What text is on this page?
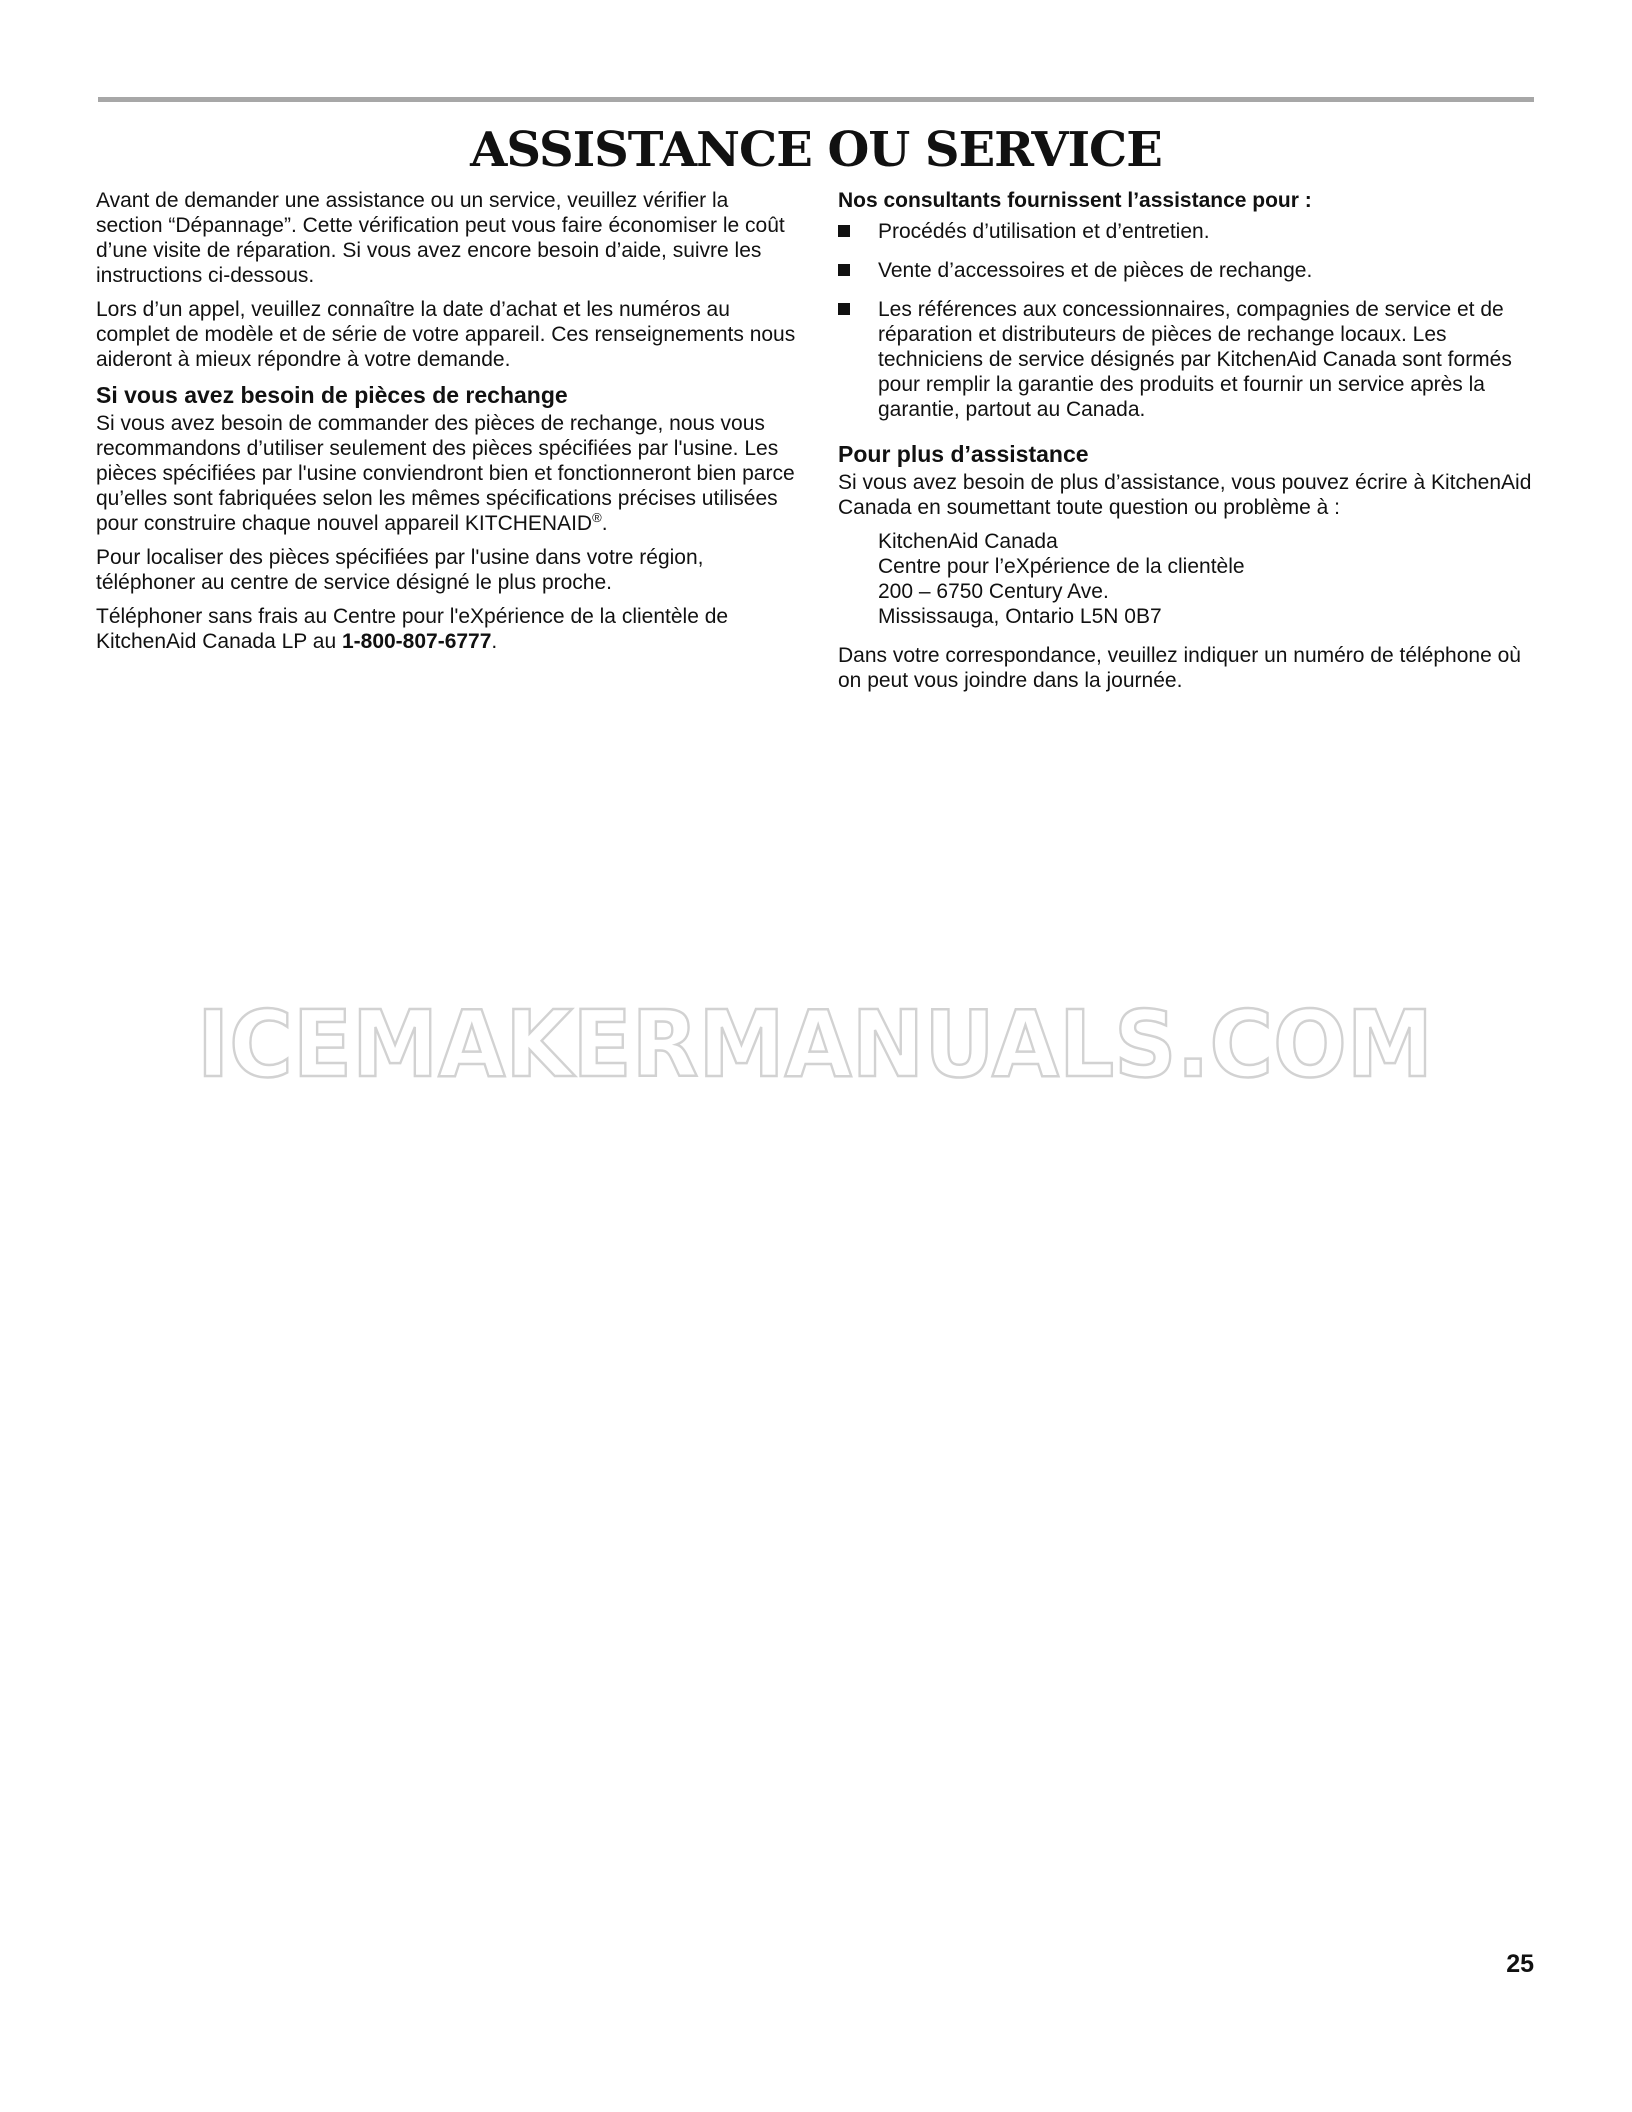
ASSISTANCE OU SERVICE

Avant de demander une assistance ou un service, veuillez vérifier la section “Dépannage”. Cette vérification peut vous faire économiser le coût d’une visite de réparation. Si vous avez encore besoin d’aide, suivre les instructions ci-dessous.

Lors d’un appel, veuillez connaître la date d’achat et les numéros au complet de modèle et de série de votre appareil. Ces renseignements nous aideront à mieux répondre à votre demande.

Si vous avez besoin de pièces de rechange

Si vous avez besoin de commander des pièces de rechange, nous vous recommandons d’utiliser seulement des pièces spécifiées par l'usine. Les pièces spécifiées par l'usine conviendront bien et fonctionneront bien parce qu’elles sont fabriquées selon les mêmes spécifications précises utilisées pour construire chaque nouvel appareil KITCHENAID®.

Pour localiser des pièces spécifiées par l'usine dans votre région, téléphoner au centre de service désigné le plus proche.

Téléphoner sans frais au Centre pour l'eXpérience de la clientèle de KitchenAid Canada LP au 1-800-807-6777.

Nos consultants fournissent l’assistance pour :
Procédés d’utilisation et d’entretien.
Vente d’accessoires et de pièces de rechange.
Les références aux concessionnaires, compagnies de service et de réparation et distributeurs de pièces de rechange locaux. Les techniciens de service désignés par KitchenAid Canada sont formés pour remplir la garantie des produits et fournir un service après la garantie, partout au Canada.
Pour plus d’assistance

Si vous avez besoin de plus d’assistance, vous pouvez écrire à KitchenAid Canada en soumettant toute question ou problème à :

KitchenAid Canada
Centre pour l’eXpérience de la clientèle
200 – 6750 Century Ave.
Mississauga, Ontario L5N 0B7

Dans votre correspondance, veuillez indiquer un numéro de téléphone où on peut vous joindre dans la journée.

ICEMAKERMANUALS.COM
25
